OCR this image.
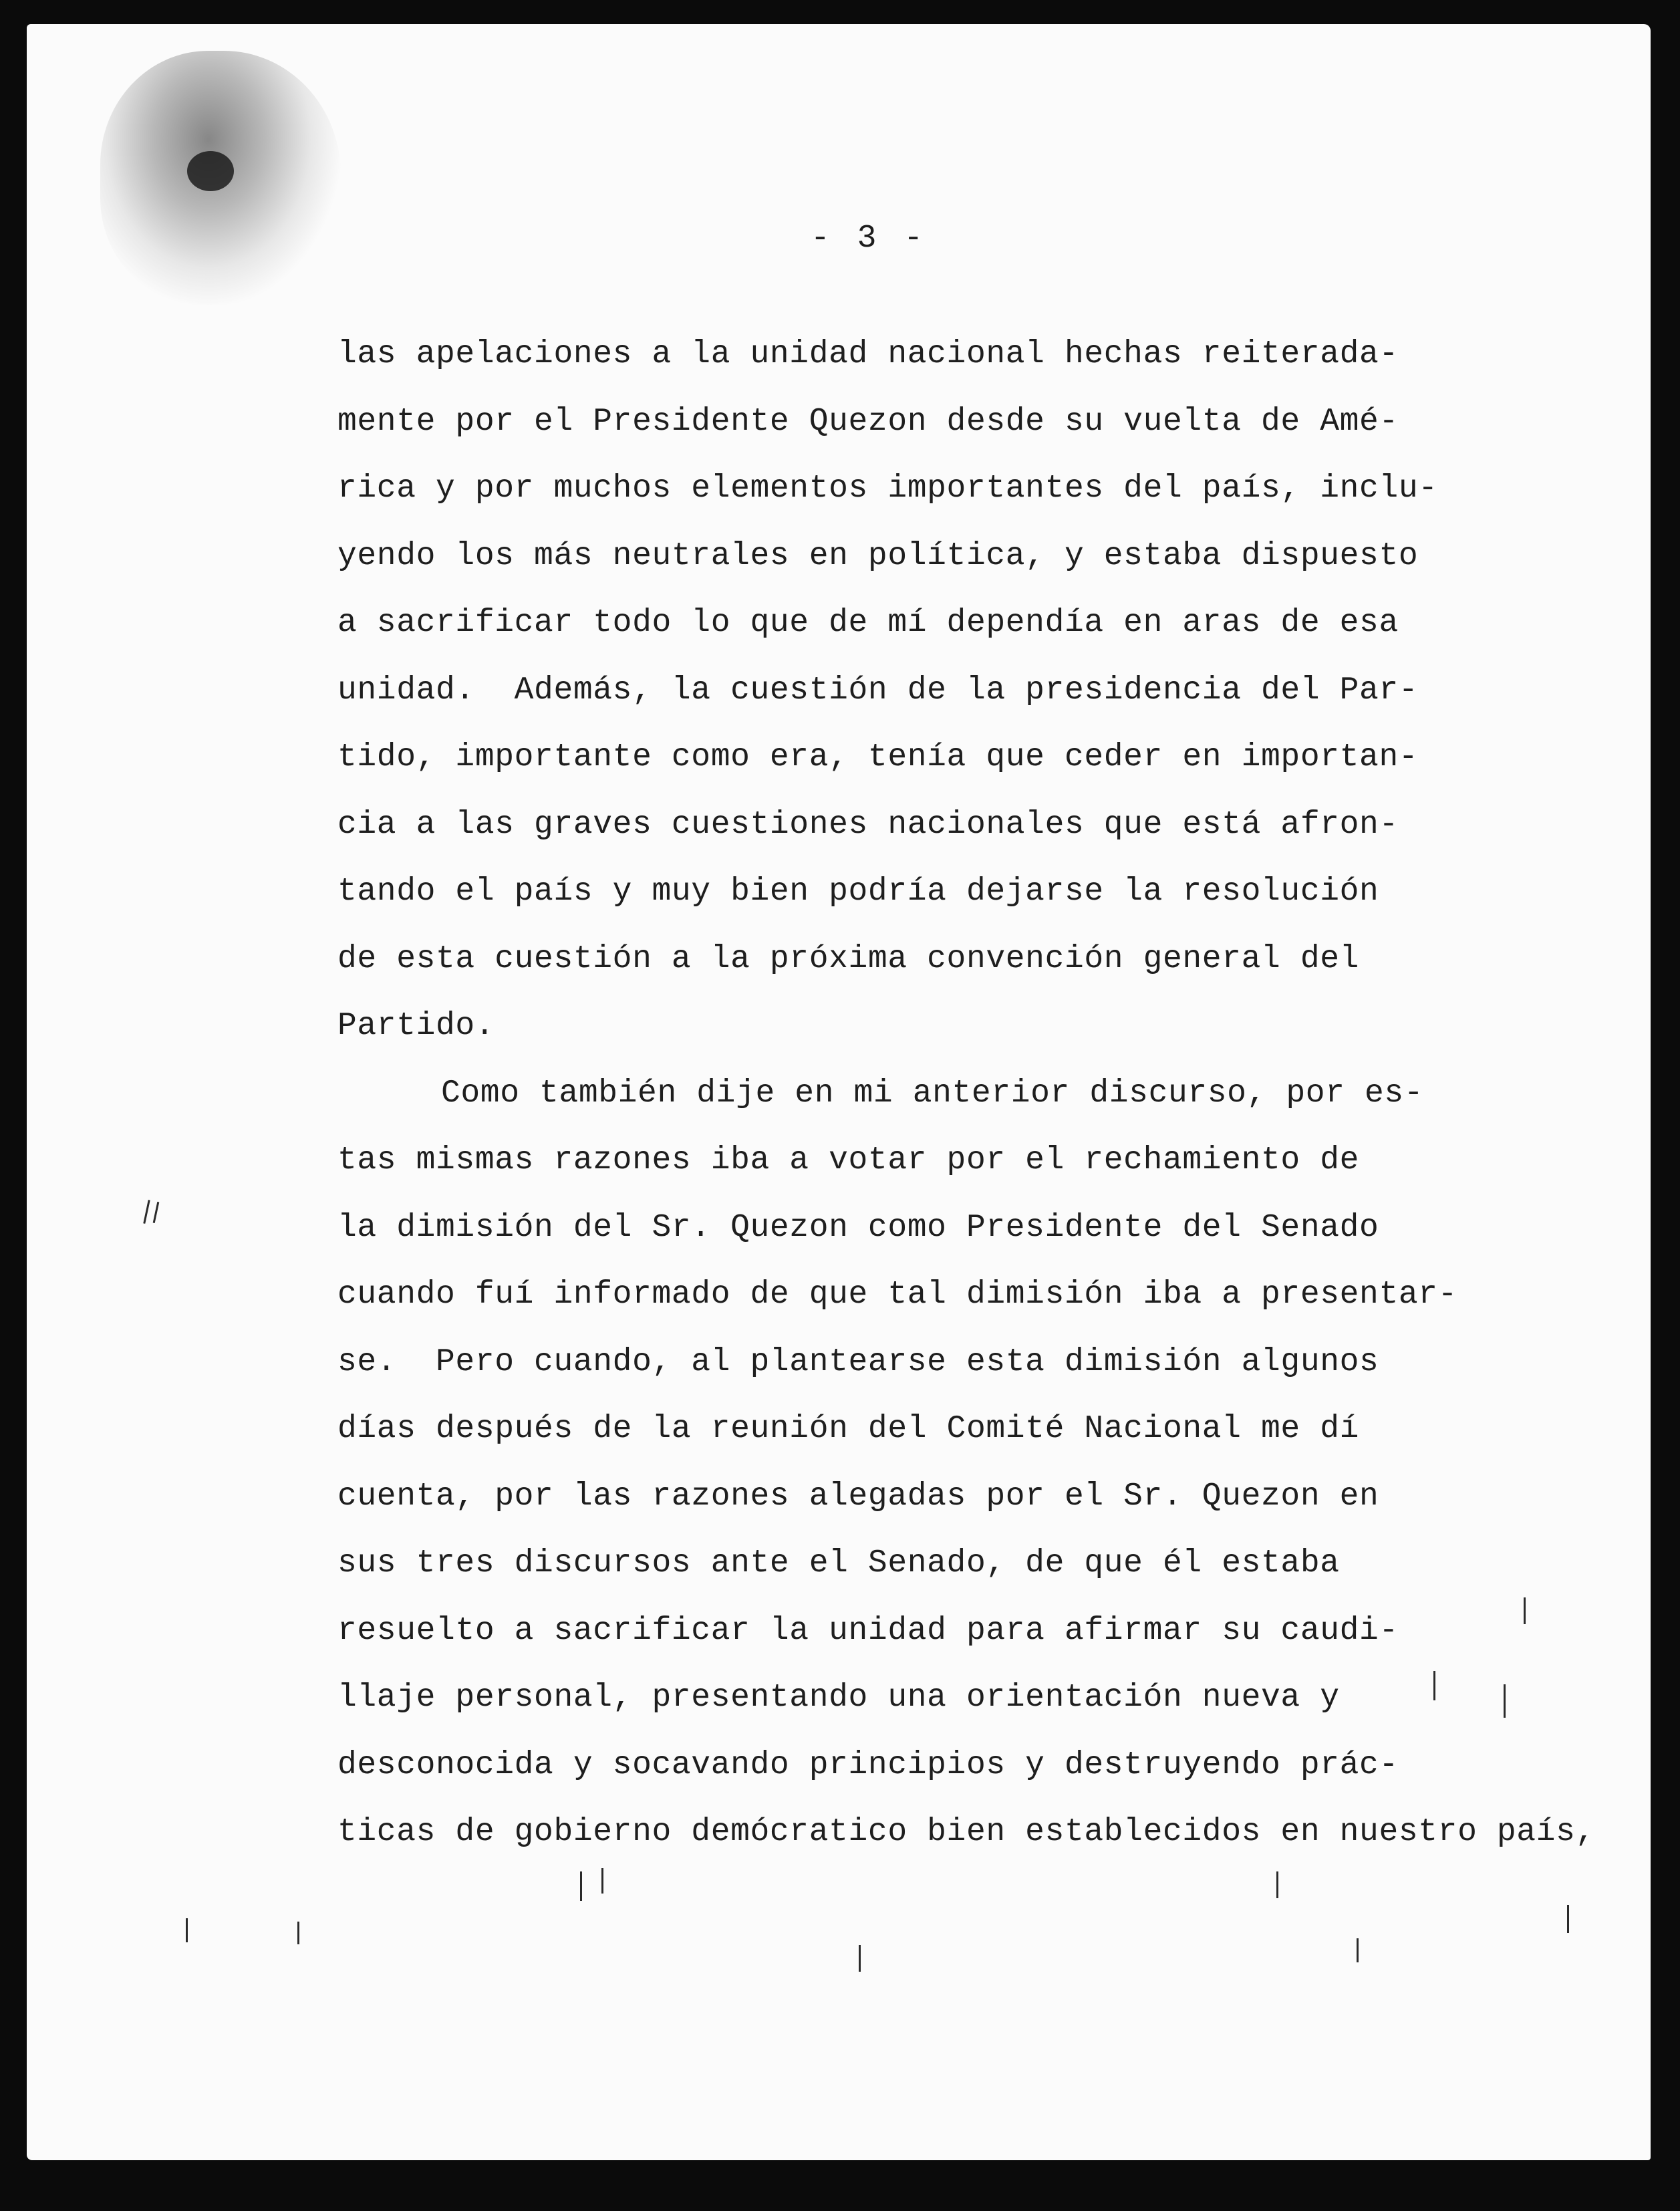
- 3 -
las apelaciones a la unidad nacional hechas reiterada-
mente por el Presidente Quezon desde su vuelta de Amé-
rica y por muchos elementos importantes del país, inclu-
yendo los más neutrales en política, y estaba dispuesto
a sacrificar todo lo que de mí dependía en aras de esa
unidad.  Además, la cuestión de la presidencia del Par-
tido, importante como era, tenía que ceder en importan-
cia a las graves cuestiones nacionales que está afron-
tando el país y muy bien podría dejarse la resolución
de esta cuestión a la próxima convención general del
Partido.
Como también dije en mi anterior discurso, por es-
tas mismas razones iba a votar por el rechamiento de
la dimisión del Sr. Quezon como Presidente del Senado
cuando fuí informado de que tal dimisión iba a presentar-
se.  Pero cuando, al plantearse esta dimisión algunos
días después de la reunión del Comité Nacional me dí
cuenta, por las razones alegadas por el Sr. Quezon en
sus tres discursos ante el Senado, de que él estaba
resuelto a sacrificar la unidad para afirmar su caudi-
llaje personal, presentando una orientación nueva y
desconocida y socavando principios y destruyendo prác-
ticas de gobierno demócratico bien establecidos en nuestro país,
